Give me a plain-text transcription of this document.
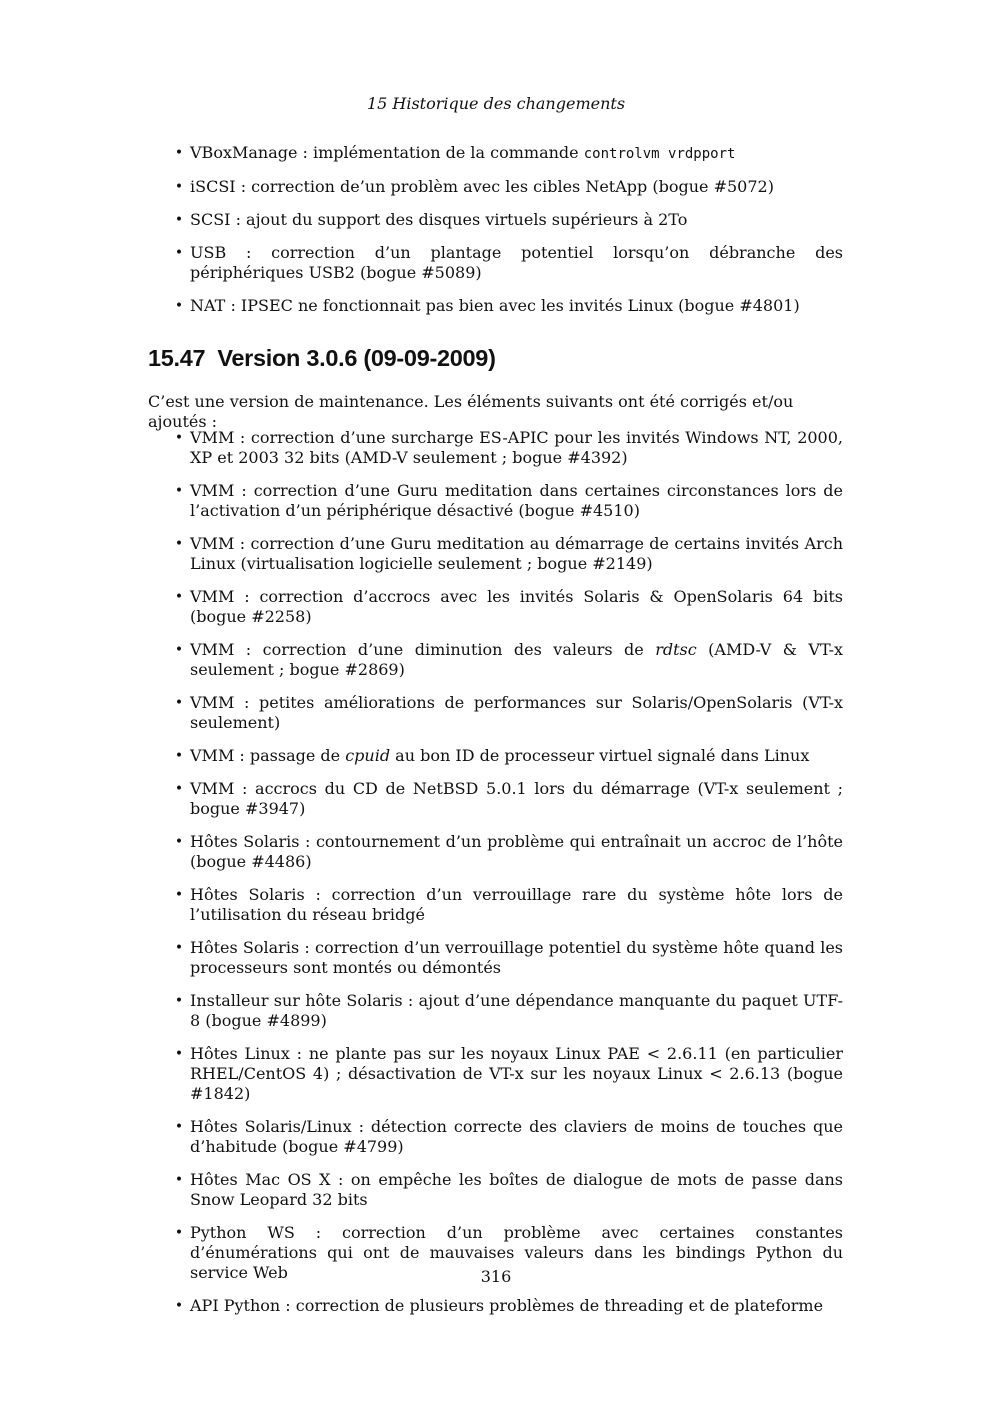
15 Historique des changements
• VBoxManage : implémentation de la commande controlvm vrdpport
• iSCSI : correction de’un problèm avec les cibles NetApp (bogue #5072)
• SCSI : ajout du support des disques virtuels supérieurs à 2To
• USB : correction d’un plantage potentiel lorsqu’on débranche des périphériques USB2 (bogue #5089)
• NAT : IPSEC ne fonctionnait pas bien avec les invités Linux (bogue #4801)
15.47 Version 3.0.6 (09-09-2009)

C’est une version de maintenance. Les éléments suivants ont été corrigés et/ou ajoutés :

• VMM : correction d’une surcharge ES-APIC pour les invités Windows NT, 2000, XP et 2003 32 bits (AMD-V seulement ; bogue #4392)
• VMM : correction d’une Guru meditation dans certaines circonstances lors de l’activation d’un périphérique désactivé (bogue #4510)
• VMM : correction d’une Guru meditation au démarrage de certains invités Arch Linux (virtualisation logicielle seulement ; bogue #2149)
• VMM : correction d’accrocs avec les invités Solaris & OpenSolaris 64 bits (bogue #2258)
• VMM : correction d’une diminution des valeurs de rdtsc (AMD-V & VT-x seulement ; bogue #2869)
• VMM : petites améliorations de performances sur Solaris/OpenSolaris (VT-x seulement)
• VMM : passage de cpuid au bon ID de processeur virtuel signalé dans Linux
• VMM : accrocs du CD de NetBSD 5.0.1 lors du démarrage (VT-x seulement ; bogue #3947)
• Hôtes Solaris : contournement d’un problème qui entraînait un accroc de l’hôte (bogue #4486)
• Hôtes Solaris : correction d’un verrouillage rare du système hôte lors de l’utilisation du réseau bridgé
• Hôtes Solaris : correction d’un verrouillage potentiel du système hôte quand les processeurs sont montés ou démontés
• Installeur sur hôte Solaris : ajout d’une dépendance manquante du paquet UTF-8 (bogue #4899)
• Hôtes Linux : ne plante pas sur les noyaux Linux PAE < 2.6.11 (en particulier RHEL/CentOS 4) ; désactivation de VT-x sur les noyaux Linux < 2.6.13 (bogue #1842)
• Hôtes Solaris/Linux : détection correcte des claviers de moins de touches que d’habitude (bogue #4799)
• Hôtes Mac OS X : on empêche les boîtes de dialogue de mots de passe dans Snow Leopard 32 bits
• Python WS : correction d’un problème avec certaines constantes d’énumérations qui ont de mauvaises valeurs dans les bindings Python du service Web
• API Python : correction de plusieurs problèmes de threading et de plateforme
316
